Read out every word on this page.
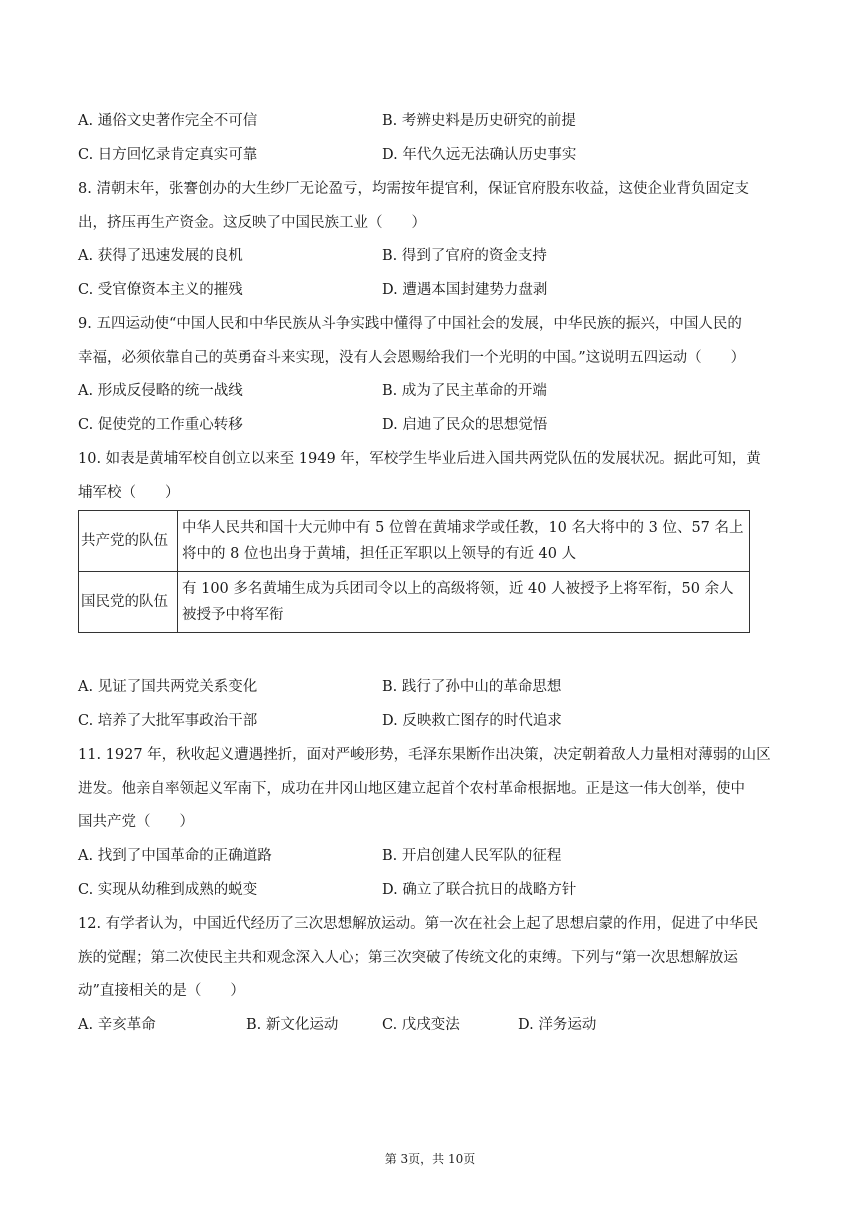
A. 通俗文史著作完全不可信	B. 考辨史料是历史研究的前提
C. 日方回忆录肯定真实可靠	D. 年代久远无法确认历史事实
8. 清朝末年，张謇创办的大生纱厂无论盈亏，均需按年提官利，保证官府股东收益，这使企业背负固定支
出，挤压再生产资金。这反映了中国民族工业（　　）
A. 获得了迅速发展的良机	B. 得到了官府的资金支持
C. 受官僚资本主义的摧残	D. 遭遇本国封建势力盘剥
9. 五四运动使“中国人民和中华民族从斗争实践中懂得了中国社会的发展，中华民族的振兴，中国人民的
幸福，必须依靠自己的英勇奋斗来实现，没有人会恩赐给我们一个光明的中国。”这说明五四运动（　　）
A. 形成反侵略的统一战线	B. 成为了民主革命的开端
C. 促使党的工作重心转移	D. 启迪了民众的思想觉悟
10. 如表是黄埔军校自创立以来至 1949 年，军校学生毕业后进入国共两党队伍的发展状况。据此可知，黄
埔军校（　　）
共产党的队伍	中华人民共和国十大元帅中有 5 位曾在黄埔求学或任教，10 名大将中的 3 位、57 名上将中的 8 位也出身于黄埔，担任正军职以上领导的有近 40 人
国民党的队伍	有 100 多名黄埔生成为兵团司令以上的高级将领，近 40 人被授予上将军衔，50 余人被授予中将军衔
A. 见证了国共两党关系变化	B. 践行了孙中山的革命思想
C. 培养了大批军事政治干部	D. 反映救亡图存的时代追求
11. 1927 年，秋收起义遭遇挫折，面对严峻形势，毛泽东果断作出决策，决定朝着敌人力量相对薄弱的山区
进发。他亲自率领起义军南下，成功在井冈山地区建立起首个农村革命根据地。正是这一伟大创举，使中
国共产党（　　）
A. 找到了中国革命的正确道路	B. 开启创建人民军队的征程
C. 实现从幼稚到成熟的蜕变	D. 确立了联合抗日的战略方针
12. 有学者认为，中国近代经历了三次思想解放运动。第一次在社会上起了思想启蒙的作用，促进了中华民
族的觉醒；第二次使民主共和观念深入人心；第三次突破了传统文化的束缚。下列与“第一次思想解放运
动”直接相关的是（　　）
A. 辛亥革命	B. 新文化运动	C. 戊戌变法	D. 洋务运动
第 3页，共 10页
